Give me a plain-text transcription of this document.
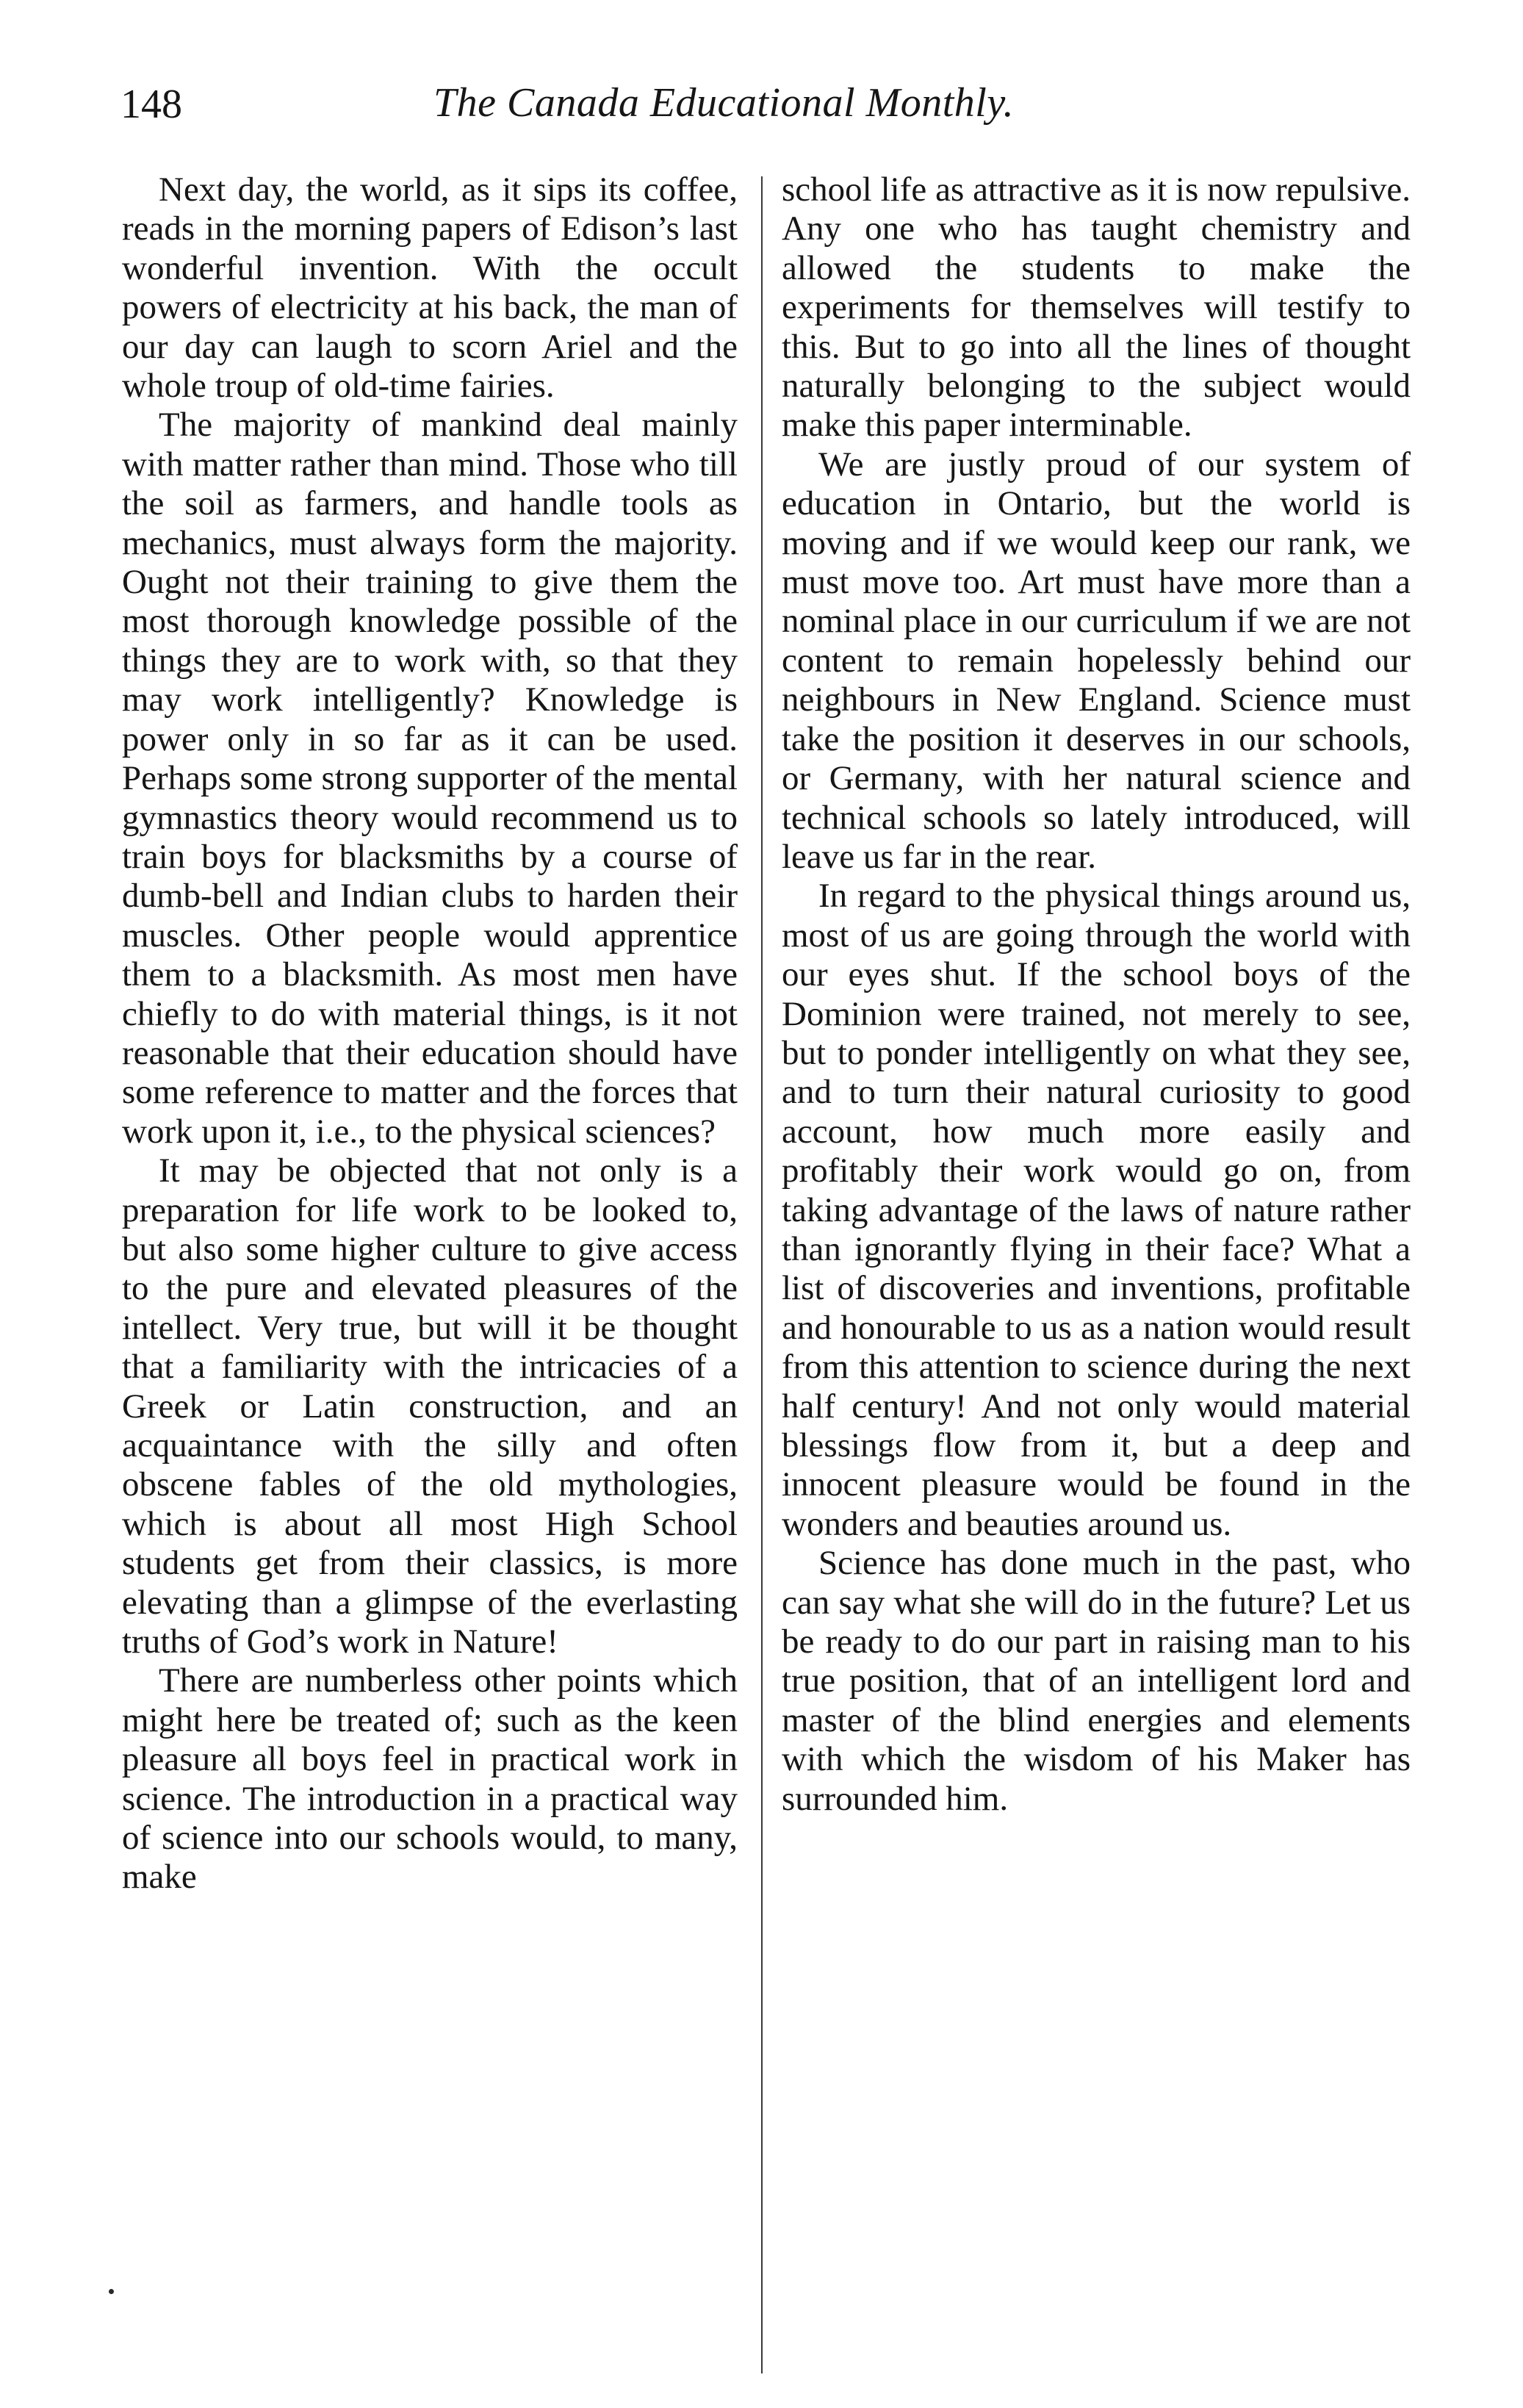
148	The Canada Educational Monthly.

Next day, the world, as it sips its coffee, reads in the morning papers of Edison’s last wonderful invention. With the occult powers of electricity at his back, the man of our day can laugh to scorn Ariel and the whole troup of old-time fairies.

The majority of mankind deal mainly with matter rather than mind. Those who till the soil as farmers, and handle tools as mechanics, must always form the majority. Ought not their training to give them the most thorough knowledge possible of the things they are to work with, so that they may work intelligently? Knowledge is power only in so far as it can be used. Perhaps some strong supporter of the mental gymnastics theory would recommend us to train boys for blacksmiths by a course of dumb-bell and Indian clubs to harden their muscles. Other people would apprentice them to a blacksmith. As most men have chiefly to do with material things, is it not reasonable that their education should have some reference to matter and the forces that work upon it, i.e., to the physical sciences?

It may be objected that not only is a preparation for life work to be looked to, but also some higher culture to give access to the pure and elevated pleasures of the intellect. Very true, but will it be thought that a familiarity with the intricacies of a Greek or Latin construction, and an acquaintance with the silly and often obscene fables of the old mythologies, which is about all most High School students get from their classics, is more elevating than a glimpse of the everlasting truths of God’s work in Nature!

There are numberless other points which might here be treated of; such as the keen pleasure all boys feel in practical work in science. The introduction in a practical way of science into our schools would, to many, make

school life as attractive as it is now repulsive. Any one who has taught chemistry and allowed the students to make the experiments for themselves will testify to this. But to go into all the lines of thought naturally belonging to the subject would make this paper interminable.

We are justly proud of our system of education in Ontario, but the world is moving and if we would keep our rank, we must move too. Art must have more than a nominal place in our curriculum if we are not content to remain hopelessly behind our neighbours in New England. Science must take the position it deserves in our schools, or Germany, with her natural science and technical schools so lately introduced, will leave us far in the rear.

In regard to the physical things around us, most of us are going through the world with our eyes shut. If the school boys of the Dominion were trained, not merely to see, but to ponder intelligently on what they see, and to turn their natural curiosity to good account, how much more easily and profitably their work would go on, from taking advantage of the laws of nature rather than ignorantly flying in their face? What a list of discoveries and inventions, profitable and honourable to us as a nation would result from this attention to science during the next half century! And not only would material blessings flow from it, but a deep and innocent pleasure would be found in the wonders and beauties around us.

Science has done much in the past, who can say what she will do in the future? Let us be ready to do our part in raising man to his true position, that of an intelligent lord and master of the blind energies and elements with which the wisdom of his Maker has surrounded him.
